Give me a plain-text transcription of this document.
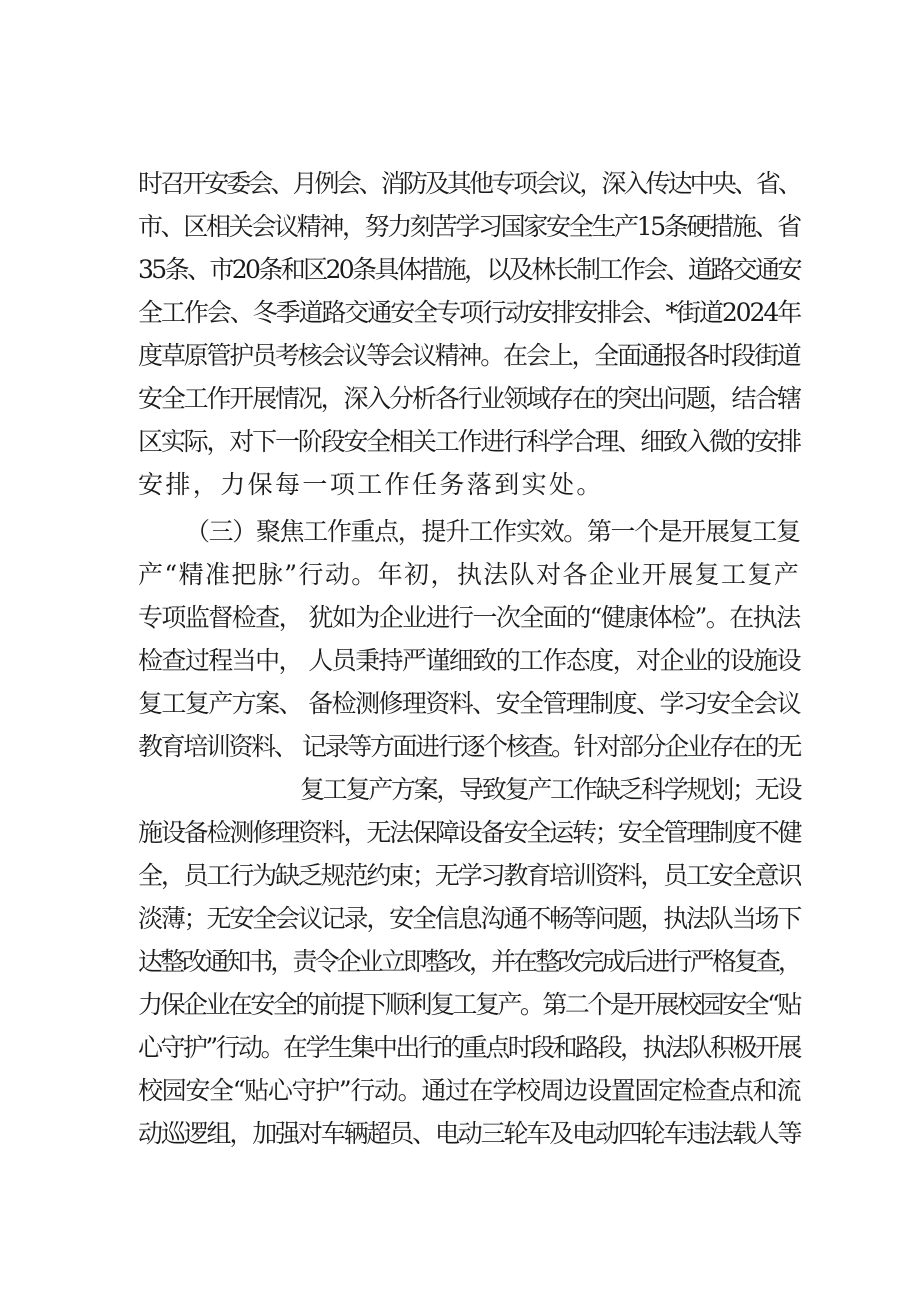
时召开安委会、月例会、消防及其他专项会议，深入传达中央、省、
市、区相关会议精神，努力刻苦学习国家安全生产15条硬措施、省
35条、市20条和区20条具体措施，以及林长制工作会、道路交通安
全工作会、冬季道路交通安全专项行动安排安排会、*街道2024年
度草原管护员考核会议等会议精神。在会上，全面通报各时段街道
安全工作开展情况，深入分析各行业领域存在的突出问题，结合辖
区实际，对下一阶段安全相关工作进行科学合理、细致入微的安排
安排，力保每一项工作任务落到实处。
（三）聚焦工作重点，提升工作实效。第一个是开展复工复
产“精准把脉”行动。年初，执法队对各企业开展复工复产
专项监督检查， 犹如为企业进行一次全面的“健康体检”。在执法
检查过程当中， 人员秉持严谨细致的工作态度，对企业的设施设
复工复产方案、 备检测修理资料、安全管理制度、学习安全会议
教育培训资料、 记录等方面进行逐个核查。针对部分企业存在的无
复工复产方案，导致复产工作缺乏科学规划；无设
施设备检测修理资料，无法保障设备安全运转；安全管理制度不健
全，员工行为缺乏规范约束；无学习教育培训资料，员工安全意识
淡薄；无安全会议记录，安全信息沟通不畅等问题，执法队当场下
达整改通知书，责令企业立即整改，并在整改完成后进行严格复查，
力保企业在安全的前提下顺利复工复产。第二个是开展校园安全“贴
心守护”行动。在学生集中出行的重点时段和路段，执法队积极开展
校园安全“贴心守护”行动。通过在学校周边设置固定检查点和流
动巡逻组，加强对车辆超员、电动三轮车及电动四轮车违法载人等
